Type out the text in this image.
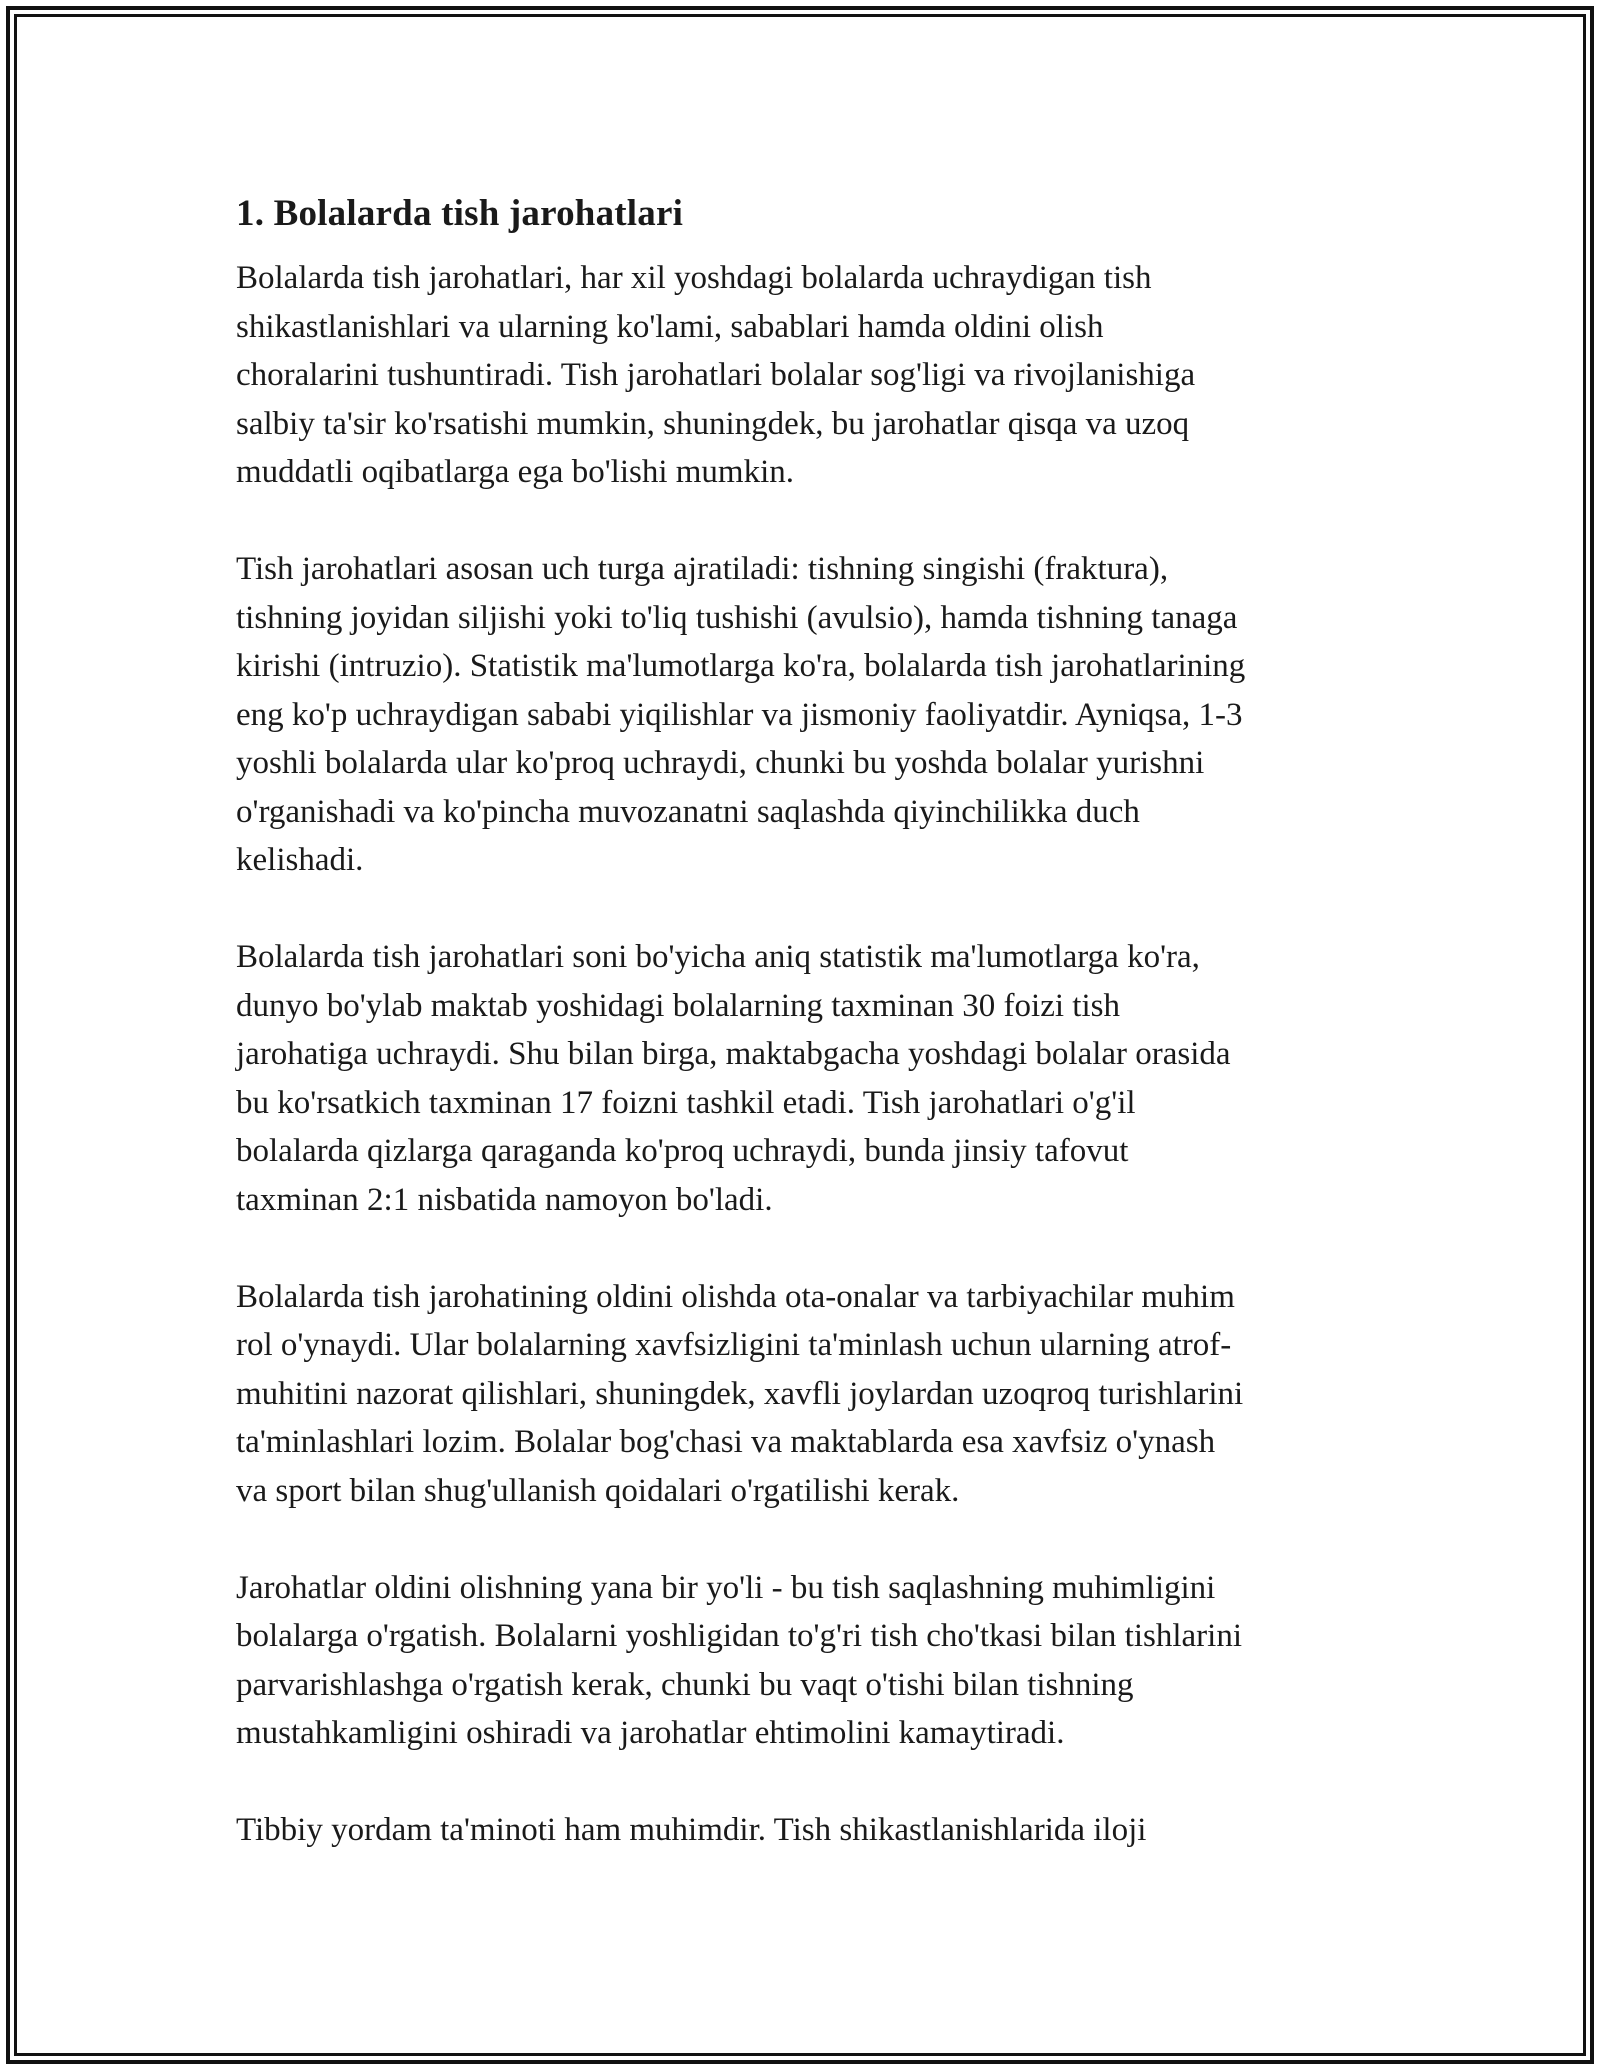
1. Bolalarda tish jarohatlari

Bolalarda tish jarohatlari, har xil yoshdagi bolalarda uchraydigan tish
shikastlanishlari va ularning ko'lami, sabablari hamda oldini olish
choralarini tushuntiradi. Tish jarohatlari bolalar sog'ligi va rivojlanishiga
salbiy ta'sir ko'rsatishi mumkin, shuningdek, bu jarohatlar qisqa va uzoq
muddatli oqibatlarga ega bo'lishi mumkin.

Tish jarohatlari asosan uch turga ajratiladi: tishning singishi (fraktura),
tishning joyidan siljishi yoki to'liq tushishi (avulsio), hamda tishning tanaga
kirishi (intruzio). Statistik ma'lumotlarga ko'ra, bolalarda tish jarohatlarining
eng ko'p uchraydigan sababi yiqilishlar va jismoniy faoliyatdir. Ayniqsa, 1-3
yoshli bolalarda ular ko'proq uchraydi, chunki bu yoshda bolalar yurishni
o'rganishadi va ko'pincha muvozanatni saqlashda qiyinchilikka duch
kelishadi.

Bolalarda tish jarohatlari soni bo'yicha aniq statistik ma'lumotlarga ko'ra,
dunyo bo'ylab maktab yoshidagi bolalarning taxminan 30 foizi tish
jarohatiga uchraydi. Shu bilan birga, maktabgacha yoshdagi bolalar orasida
bu ko'rsatkich taxminan 17 foizni tashkil etadi. Tish jarohatlari o'g'il
bolalarda qizlarga qaraganda ko'proq uchraydi, bunda jinsiy tafovut
taxminan 2:1 nisbatida namoyon bo'ladi.

Bolalarda tish jarohatining oldini olishda ota-onalar va tarbiyachilar muhim
rol o'ynaydi. Ular bolalarning xavfsizligini ta'minlash uchun ularning atrof-
muhitini nazorat qilishlari, shuningdek, xavfli joylardan uzoqroq turishlarini
ta'minlashlari lozim. Bolalar bog'chasi va maktablarda esa xavfsiz o'ynash
va sport bilan shug'ullanish qoidalari o'rgatilishi kerak.

Jarohatlar oldini olishning yana bir yo'li - bu tish saqlashning muhimligini
bolalarga o'rgatish. Bolalarni yoshligidan to'g'ri tish cho'tkasi bilan tishlarini
parvarishlashga o'rgatish kerak, chunki bu vaqt o'tishi bilan tishning
mustahkamligini oshiradi va jarohatlar ehtimolini kamaytiradi.

Tibbiy yordam ta'minoti ham muhimdir. Tish shikastlanishlarida iloji
